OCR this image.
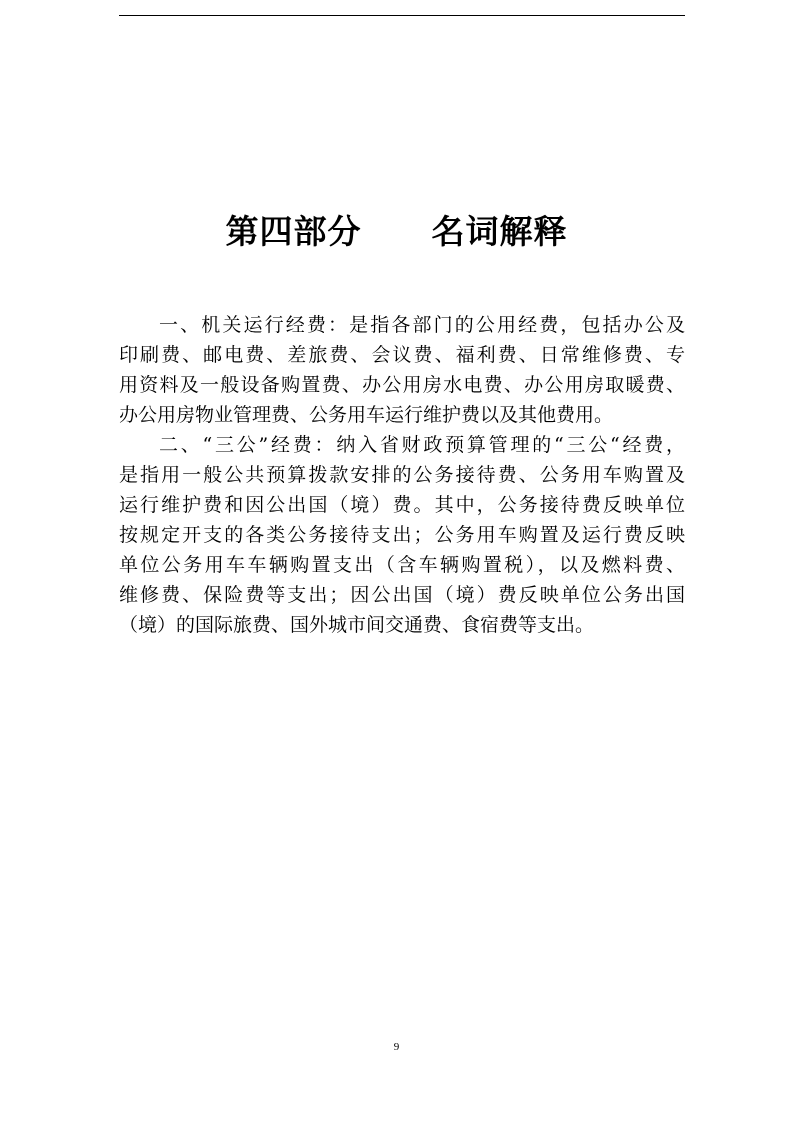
第四部分 名词解释
一、机关运行经费：是指各部门的公用经费，包括办公及
印刷费、邮电费、差旅费、会议费、福利费、日常维修费、专
用资料及一般设备购置费、办公用房水电费、办公用房取暖费、
办公用房物业管理费、公务用车运行维护费以及其他费用。
二、“三公”经费：纳入省财政预算管理的“三公“经费，
是指用一般公共预算拨款安排的公务接待费、公务用车购置及
运行维护费和因公出国（境）费。其中，公务接待费反映单位
按规定开支的各类公务接待支出；公务用车购置及运行费反映
单位公务用车车辆购置支出（含车辆购置税），以及燃料费、
维修费、保险费等支出；因公出国（境）费反映单位公务出国
（境）的国际旅费、国外城市间交通费、食宿费等支出。
9
